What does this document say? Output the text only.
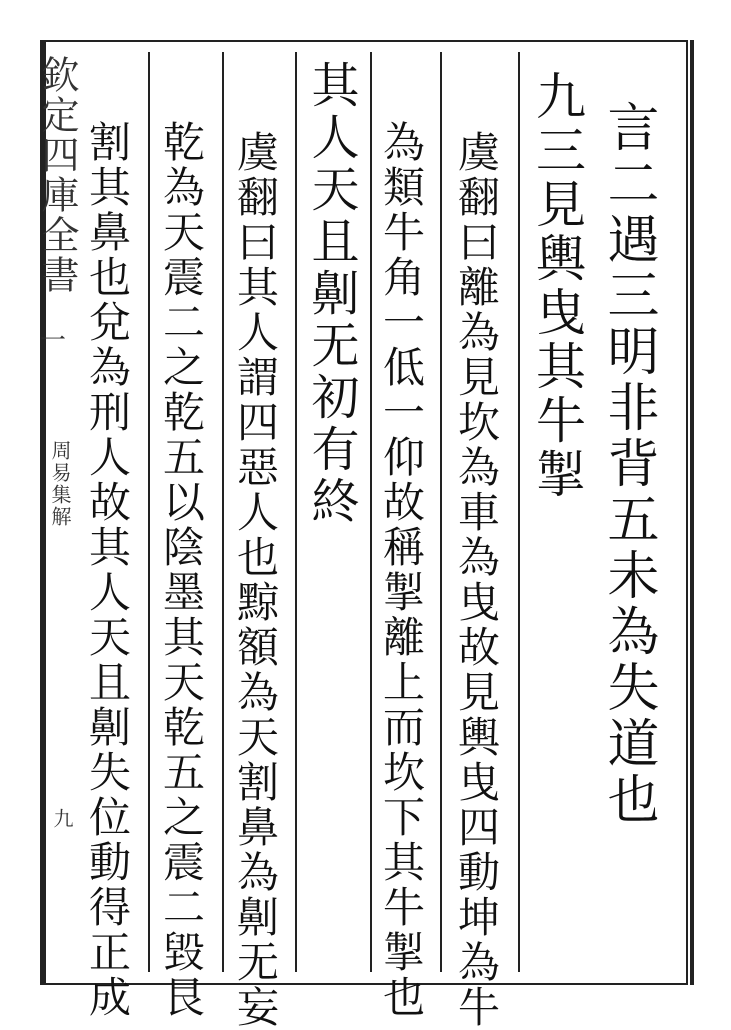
欽定四庫全書
一
周易集解
九	言二遇三明非背五未為失道也
九三見輿曳其牛掣
虞翻曰離為見坎為車為曳故見輿曳四動坤為牛
為類牛角一低一仰故稱掣離上而坎下其牛掣也
其人天且劓无初有終
虞翻曰其人謂四惡人也黥額為天割鼻為劓无妄
乾為天震二之乾五以陰墨其天乾五之震二毀艮
割其鼻也兌為刑人故其人天且劓失位動得正成
